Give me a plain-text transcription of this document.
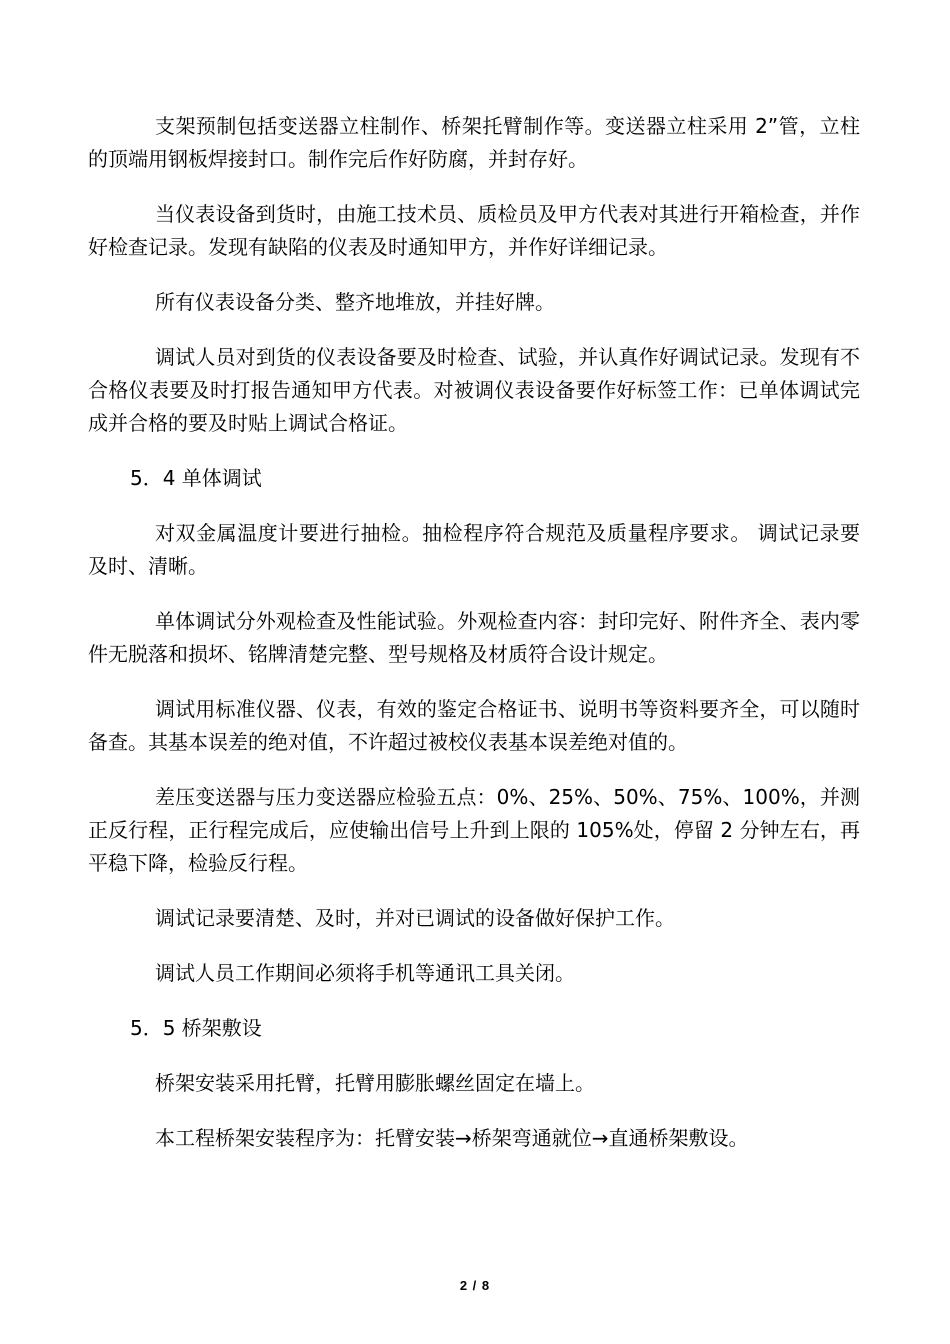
支架预制包括变送器立柱制作、桥架托臂制作等。变送器立柱采用 2”管，立柱的顶端用钢板焊接封口。制作完后作好防腐，并封存好。

当仪表设备到货时，由施工技术员、质检员及甲方代表对其进行开箱检查，并作好检查记录。发现有缺陷的仪表及时通知甲方，并作好详细记录。

所有仪表设备分类、整齐地堆放，并挂好牌。

调试人员对到货的仪表设备要及时检查、试验，并认真作好调试记录。发现有不合格仪表要及时打报告通知甲方代表。对被调仪表设备要作好标签工作：已单体调试完成并合格的要及时贴上调试合格证。

5．4 单体调试

对双金属温度计要进行抽检。抽检程序符合规范及质量程序要求。 调试记录要及时、清晰。

单体调试分外观检查及性能试验。外观检查内容：封印完好、附件齐全、表内零件无脱落和损坏、铭牌清楚完整、型号规格及材质符合设计规定。

调试用标准仪器、仪表，有效的鉴定合格证书、说明书等资料要齐全，可以随时备查。其基本误差的绝对值，不许超过被校仪表基本误差绝对值的。

差压变送器与压力变送器应检验五点：0%、25%、50%、75%、100%，并测正反行程，正行程完成后，应使输出信号上升到上限的 105%处，停留 2 分钟左右，再平稳下降，检验反行程。

调试记录要清楚、及时，并对已调试的设备做好保护工作。

调试人员工作期间必须将手机等通讯工具关闭。

5．5 桥架敷设

桥架安装采用托臂，托臂用膨胀螺丝固定在墙上。

本工程桥架安装程序为：托臂安装→桥架弯通就位→直通桥架敷设。

2 / 8
